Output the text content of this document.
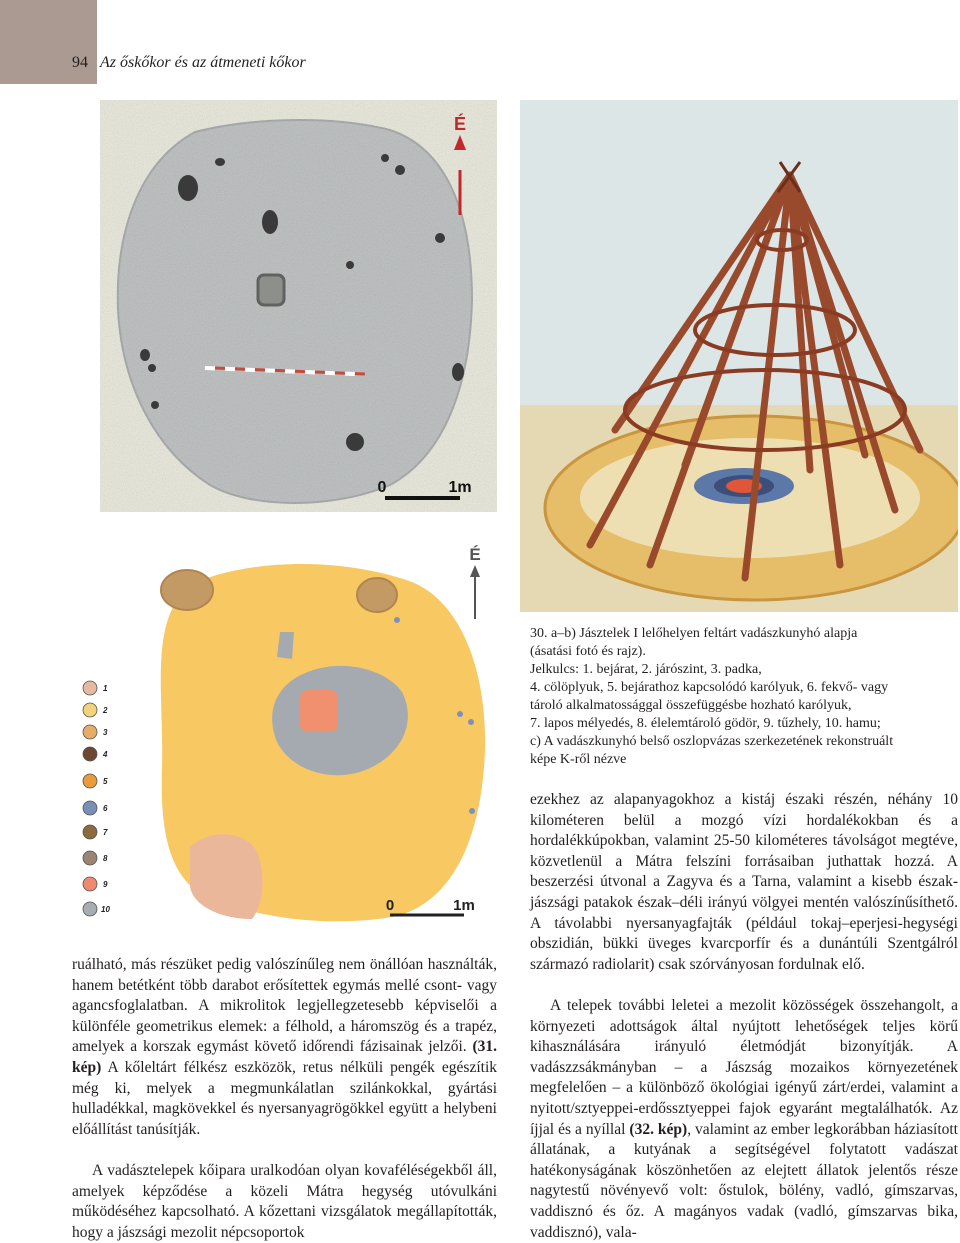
94 Az őskőkor és az átmeneti kőkor
É
0	1m
1
2
3
4
5
6
7
8
9
10
É
0	1m
30. a–b) Jásztelek I lelőhelyen feltárt vadászkunyhó alapja
(ásatási fotó és rajz).
Jelkulcs: 1. bejárat, 2. járószint, 3. padka,
4. cölöplyuk, 5. bejárathoz kapcsolódó karólyuk, 6. fekvő- vagy
tároló alkalmatossággal összefüggésbe hozható karólyuk,
7. lapos mélyedés, 8. élelemtároló gödör, 9. tűzhely, 10. hamu;
c) A vadászkunyhó belső oszlopvázas szerkezetének rekonstruált
képe K-ről nézve

ruálható, más részüket pedig valószínűleg nem önállóan használták, hanem betétként több darabot erősítettek egymás mellé csont- vagy agancsfoglalatban. A mikrolitok legjellegzetesebb képviselői a különféle geometrikus elemek: a félhold, a háromszög és a trapéz, amelyek a korszak egymást követő időrendi fázisainak jelzői. (31. kép) A kőleltárt félkész eszközök, retus nélküli pengék egészítik még ki, melyek a megmunkálatlan szilánkokkal, gyártási hulladékkal, magkövekkel és nyersanyagrögökkel együtt a helybeni előállítást tanúsítják.

A vadásztelepek kőipara uralkodóan olyan kovaféléségekből áll, amelyek képződése a közeli Mátra hegység utóvulkáni működéséhez kapcsolható. A kőzettani vizsgálatok megállapították, hogy a jászsági mezolit népcsoportok

ezekhez az alapanyagokhoz a kistáj északi részén, néhány 10 kilométeren belül a mozgó vízi hordalékokban és a hordalékkúpokban, valamint 25-50 kilométeres távolságot megtéve, közvetlenül a Mátra felszíni forrásaiban juthattak hozzá. A beszerzési útvonal a Zagyva és a Tarna, valamint a kisebb észak-jászsági patakok észak–déli irányú völgyei mentén valószínűsíthető. A távolabbi nyersanyagfajták (például tokaj–eperjesi-hegységi obszidián, bükki üveges kvarcporfír és a dunántúli Szentgálról származó radiolarit) csak szórványosan fordulnak elő.

A telepek további leletei a mezolit közösségek összehangolt, a környezeti adottságok által nyújtott lehetőségek teljes körű kihasználására irányuló életmódját bizonyítják. A vadászzsákmányban – a Jászság mozaikos környezetének megfelelően – a különböző ökológiai igényű zárt/erdei, valamint a nyitott/sztyeppei-erdőssztyeppei fajok egyaránt megtalálhatók. Az íjjal és a nyíllal (32. kép), valamint az ember legkorábban háziasított állatának, a kutyának a segítségével folytatott vadászat hatékonyságának köszönhetően az elejtett állatok jelentős része nagytestű növényevő volt: őstulok, bölény, vadló, gímszarvas, vaddisznó és őz. A magányos vadak (vadló, gímszarvas bika, vaddisznó), vala-
